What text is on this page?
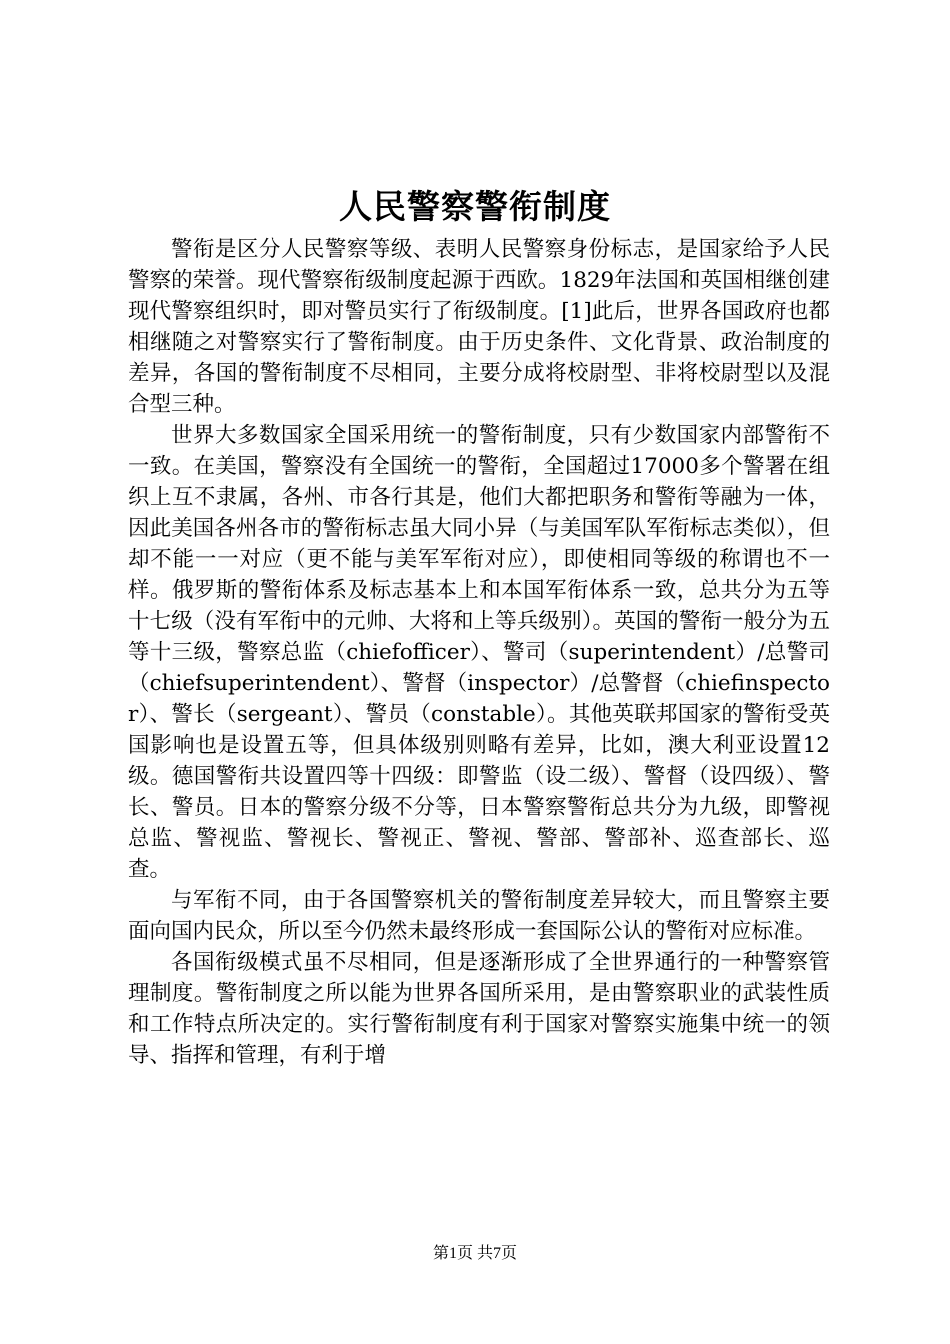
人民警察警衔制度

警衔是区分人民警察等级、表明人民警察身份标志，是国家给予人民警察的荣誉。现代警察衔级制度起源于西欧。1829年法国和英国相继创建现代警察组织时，即对警员实行了衔级制度。[1]此后，世界各国政府也都相继随之对警察实行了警衔制度。由于历史条件、文化背景、政治制度的差异，各国的警衔制度不尽相同，主要分成将校尉型、非将校尉型以及混合型三种。

世界大多数国家全国采用统一的警衔制度，只有少数国家内部警衔不一致。在美国，警察没有全国统一的警衔，全国超过17000多个警署在组织上互不隶属，各州、市各行其是，他们大都把职务和警衔等融为一体，因此美国各州各市的警衔标志虽大同小异（与美国军队军衔标志类似），但却不能一一对应（更不能与美军军衔对应），即使相同等级的称谓也不一样。俄罗斯的警衔体系及标志基本上和本国军衔体系一致，总共分为五等十七级（没有军衔中的元帅、大将和上等兵级别）。英国的警衔一般分为五等十三级，警察总监（chiefofficer）、警司（superintendent）/总警司（chiefsuperintendent）、警督（inspector）/总警督（chiefinspector）、警长（sergeant）、警员（constable）。其他英联邦国家的警衔受英国影响也是设置五等，但具体级别则略有差异，比如，澳大利亚设置12级。德国警衔共设置四等十四级：即警监（设二级）、警督（设四级）、警长、警员。日本的警察分级不分等，日本警察警衔总共分为九级，即警视总监、警视监、警视长、警视正、警视、警部、警部补、巡查部长、巡查。

与军衔不同，由于各国警察机关的警衔制度差异较大，而且警察主要面向国内民众，所以至今仍然未最终形成一套国际公认的警衔对应标准。

各国衔级模式虽不尽相同，但是逐渐形成了全世界通行的一种警察管理制度。警衔制度之所以能为世界各国所采用，是由警察职业的武装性质和工作特点所决定的。实行警衔制度有利于国家对警察实施集中统一的领导、指挥和管理，有利于增

第1页 共7页
